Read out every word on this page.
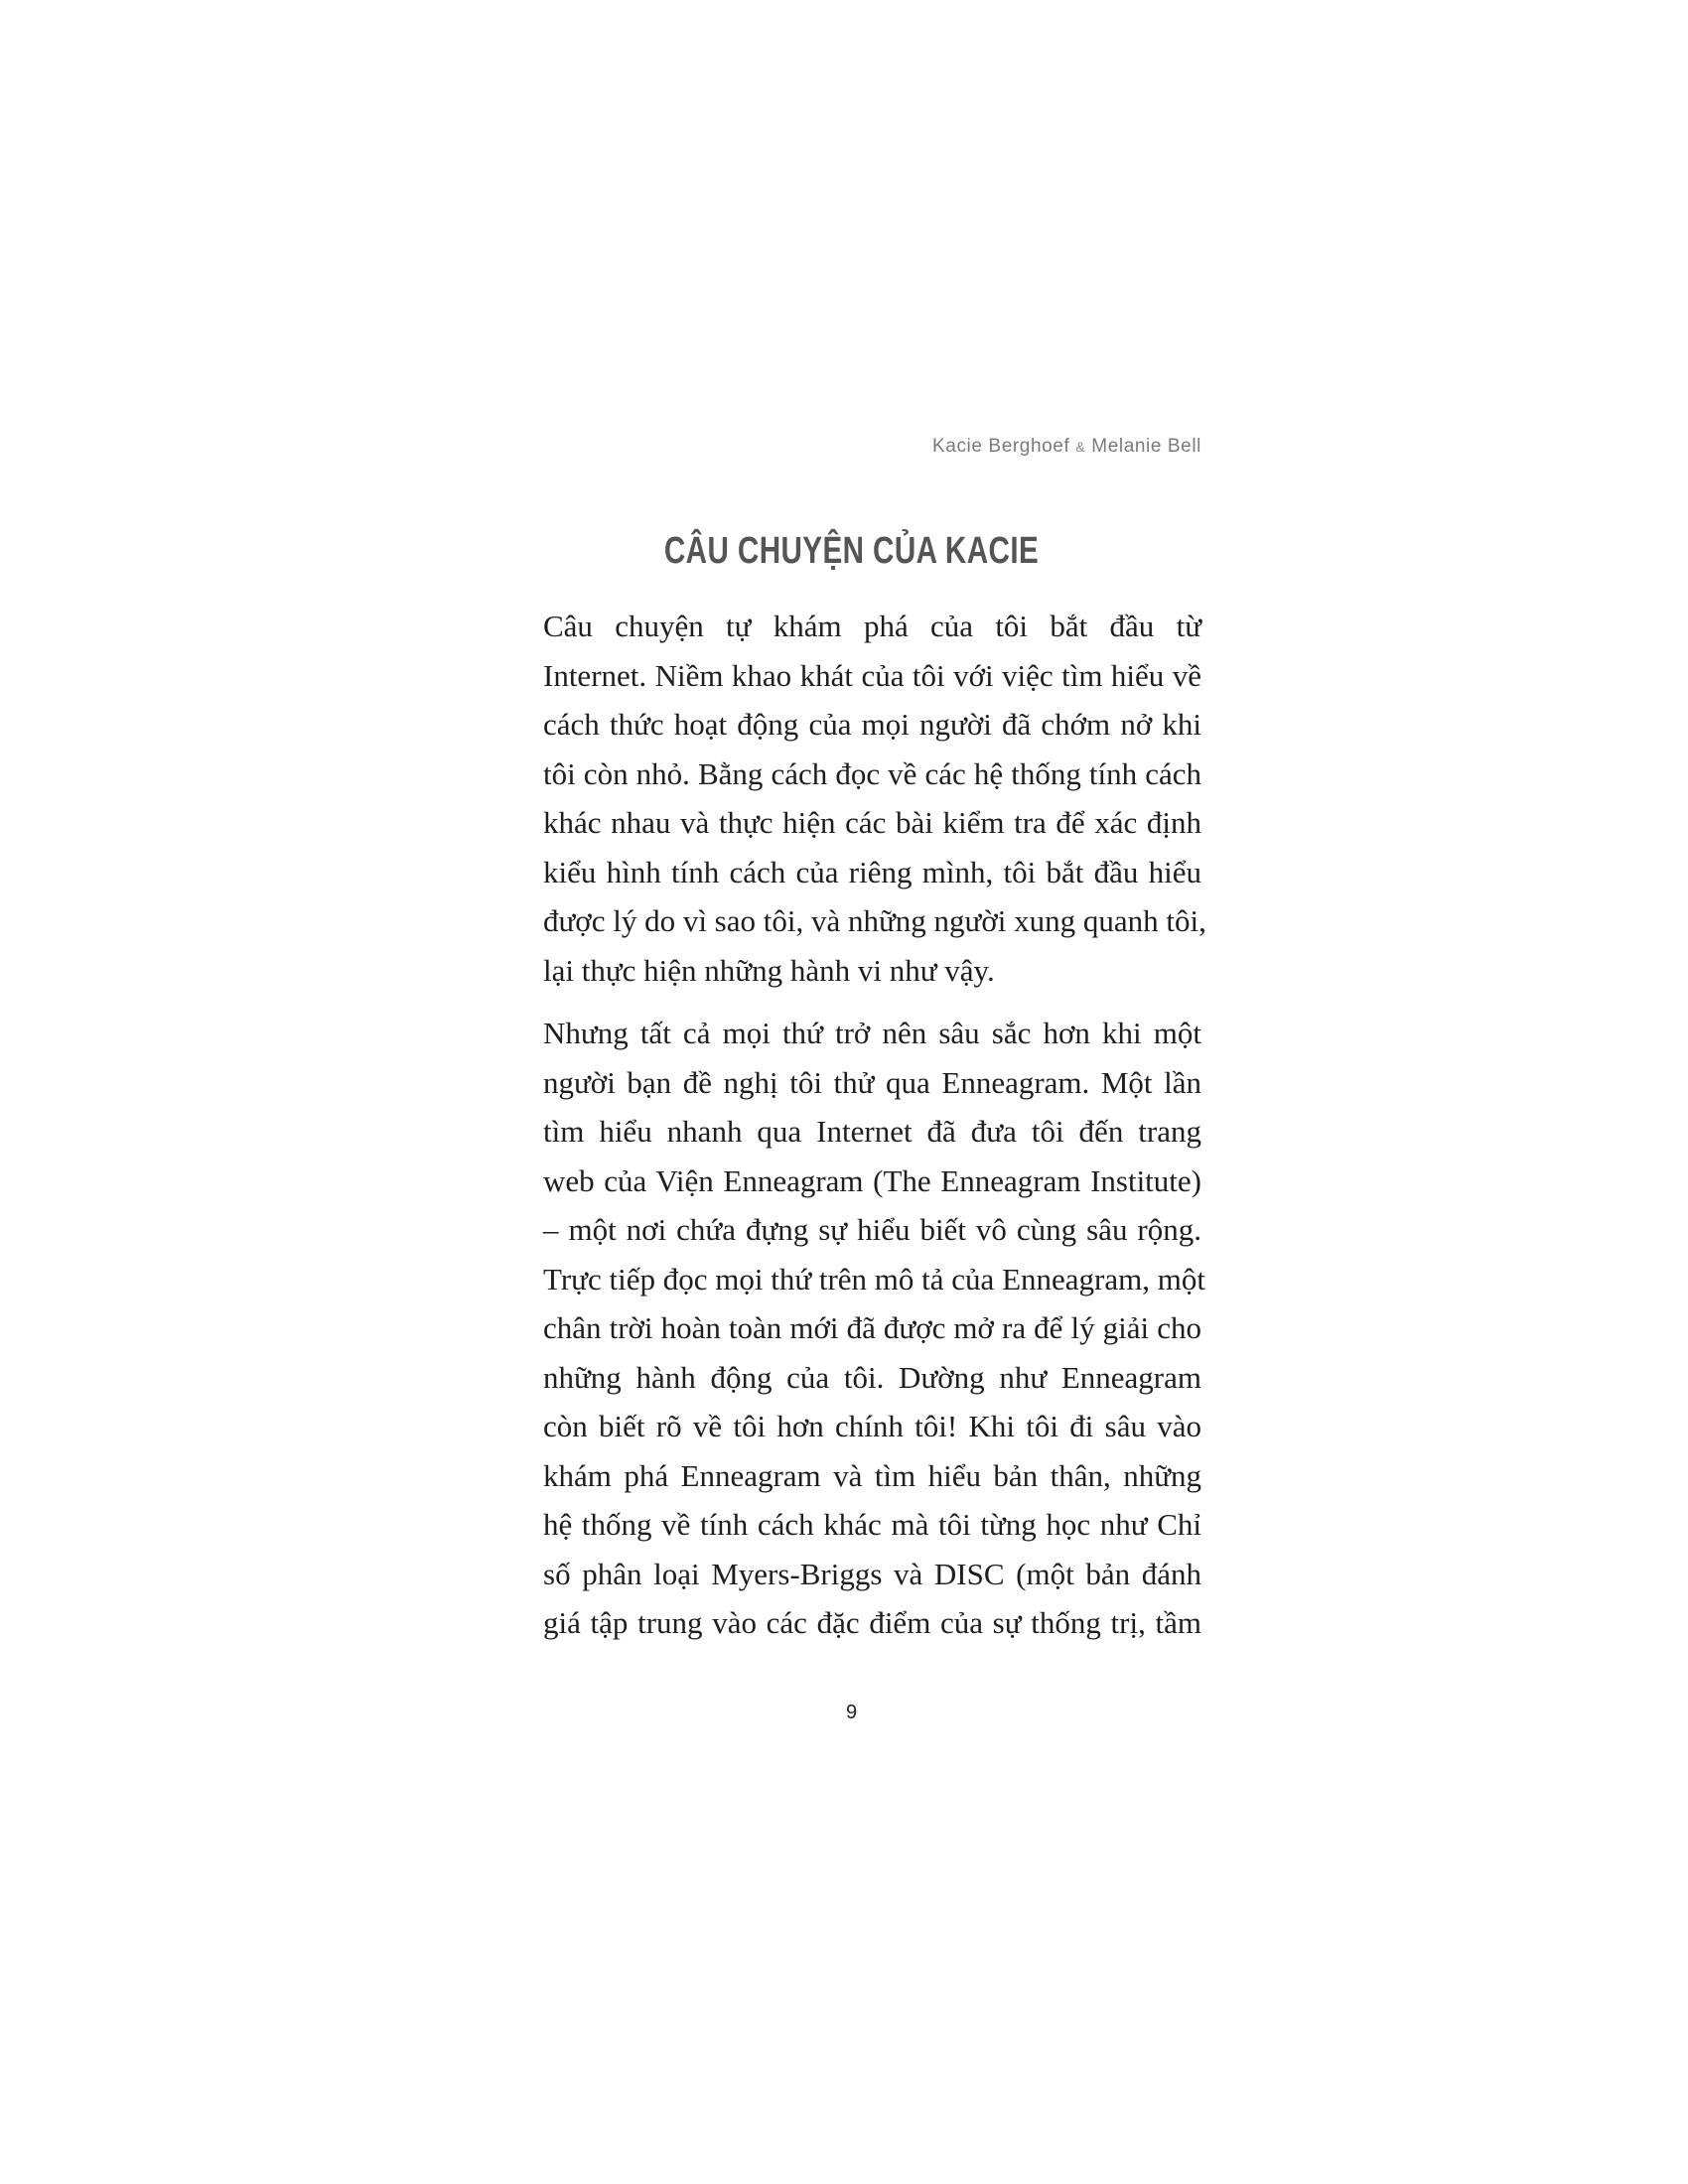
Kacie Berghoef & Melanie Bell
CÂU CHUYỆN CỦA KACIE

Câu chuyện tự khám phá của tôi bắt đầu từ
Internet. Niềm khao khát của tôi với việc tìm hiểu về
cách thức hoạt động của mọi người đã chớm nở khi
tôi còn nhỏ. Bằng cách đọc về các hệ thống tính cách
khác nhau và thực hiện các bài kiểm tra để xác định
kiểu hình tính cách của riêng mình, tôi bắt đầu hiểu
được lý do vì sao tôi, và những người xung quanh tôi,
lại thực hiện những hành vi như vậy.

Nhưng tất cả mọi thứ trở nên sâu sắc hơn khi một
người bạn đề nghị tôi thử qua Enneagram. Một lần
tìm hiểu nhanh qua Internet đã đưa tôi đến trang
web của Viện Enneagram (The Enneagram Institute)
– một nơi chứa đựng sự hiểu biết vô cùng sâu rộng.
Trực tiếp đọc mọi thứ trên mô tả của Enneagram, một
chân trời hoàn toàn mới đã được mở ra để lý giải cho
những hành động của tôi. Dường như Enneagram
còn biết rõ về tôi hơn chính tôi! Khi tôi đi sâu vào
khám phá Enneagram và tìm hiểu bản thân, những
hệ thống về tính cách khác mà tôi từng học như Chỉ
số phân loại Myers-Briggs và DISC (một bản đánh
giá tập trung vào các đặc điểm của sự thống trị, tầm

9
